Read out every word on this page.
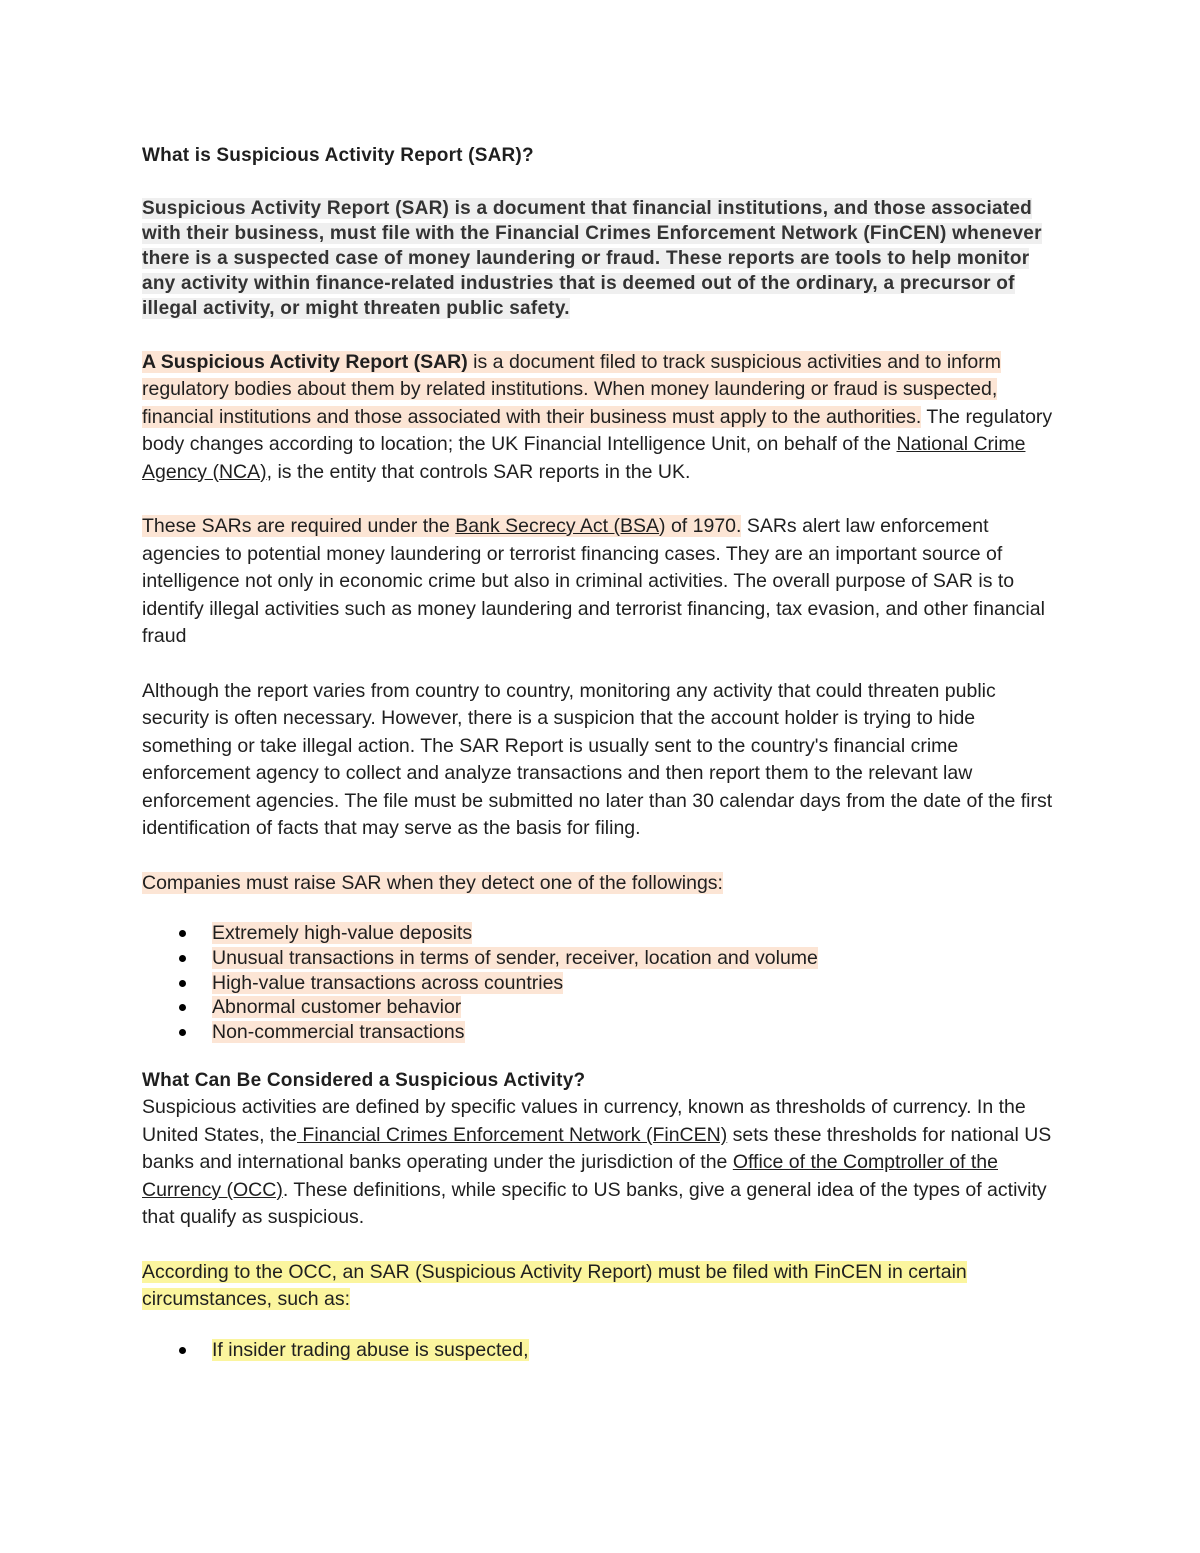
What is Suspicious Activity Report (SAR)?
Suspicious Activity Report (SAR) is a document that financial institutions, and those associated with their business, must file with the Financial Crimes Enforcement Network (FinCEN) whenever there is a suspected case of money laundering or fraud. These reports are tools to help monitor any activity within finance-related industries that is deemed out of the ordinary, a precursor of illegal activity, or might threaten public safety.

A Suspicious Activity Report (SAR) is a document filed to track suspicious activities and to inform regulatory bodies about them by related institutions. When money laundering or fraud is suspected, financial institutions and those associated with their business must apply to the authorities. The regulatory body changes according to location; the UK Financial Intelligence Unit, on behalf of the National Crime Agency (NCA), is the entity that controls SAR reports in the UK.

These SARs are required under the Bank Secrecy Act (BSA) of 1970. SARs alert law enforcement agencies to potential money laundering or terrorist financing cases. They are an important source of intelligence not only in economic crime but also in criminal activities. The overall purpose of SAR is to identify illegal activities such as money laundering and terrorist financing, tax evasion, and other financial fraud

Although the report varies from country to country, monitoring any activity that could threaten public security is often necessary. However, there is a suspicion that the account holder is trying to hide something or take illegal action. The SAR Report is usually sent to the country's financial crime enforcement agency to collect and analyze transactions and then report them to the relevant law enforcement agencies. The file must be submitted no later than 30 calendar days from the date of the first identification of facts that may serve as the basis for filing.

Companies must raise SAR when they detect one of the followings:

Extremely high-value deposits
Unusual transactions in terms of sender, receiver, location and volume
High-value transactions across countries
Abnormal customer behavior
Non-commercial transactions
What Can Be Considered a Suspicious Activity?
Suspicious activities are defined by specific values in currency, known as thresholds of currency. In the United States, the Financial Crimes Enforcement Network (FinCEN) sets these thresholds for national US banks and international banks operating under the jurisdiction of the Office of the Comptroller of the Currency (OCC). These definitions, while specific to US banks, give a general idea of the types of activity that qualify as suspicious.

According to the OCC, an SAR (Suspicious Activity Report) must be filed with FinCEN in certain circumstances, such as:

If insider trading abuse is suspected,
